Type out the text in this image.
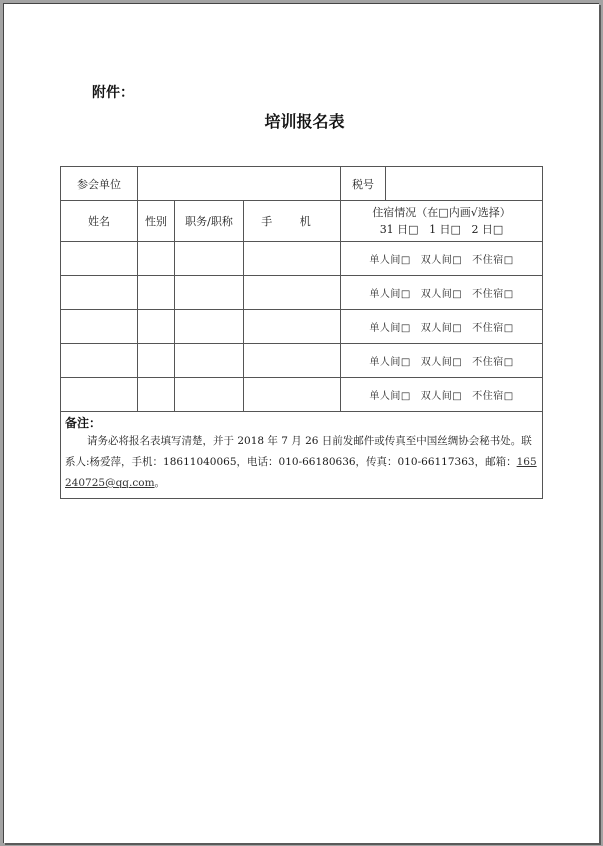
附件：
培训报名表
参会单位				税号	
姓名	性别	职务/职称	手 机	住宿情况（在□内画√选择）
31 日□   1 日□   2 日□	

				单人间□ 双人间□ 不住宿□	
				单人间□ 双人间□ 不住宿□	
				单人间□ 双人间□ 不住宿□	
				单人间□ 双人间□ 不住宿□	
				单人间□ 双人间□ 不住宿□	

备注：
请务必将报名表填写清楚，并于 2018 年 7 月 26 日前发邮件或传真至中国丝绸协会秘书处。联系人:杨爱萍，手机：18611040065，电话：010-66180636，传真：010-66117363，邮箱：165240725@qq.com。					
